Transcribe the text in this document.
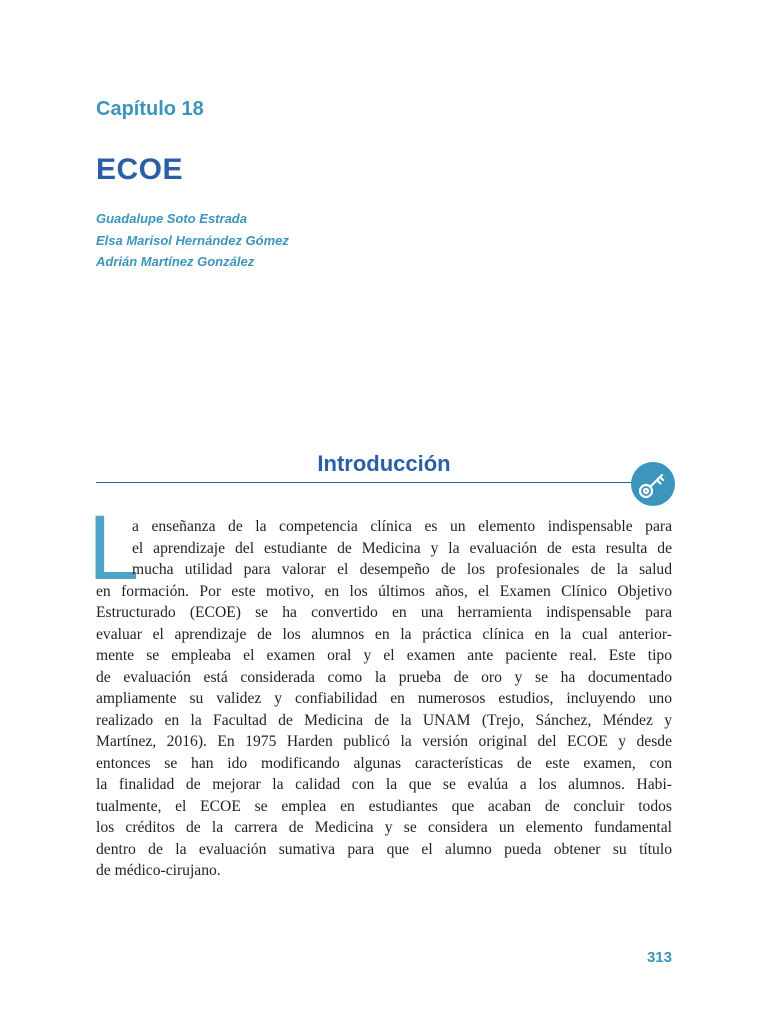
Capítulo 18
ECOE
Guadalupe Soto Estrada
Elsa Marisol Hernández Gómez
Adrián Martínez González
Introducción
L

a enseñanza de la competencia clínica es un elemento indispensable para
el aprendizaje del estudiante de Medicina y la evaluación de esta resulta de
mucha utilidad para valorar el desempeño de los profesionales de la salud
en formación. Por este motivo, en los últimos años, el Examen Clínico Objetivo
Estructurado (ECOE) se ha convertido en una herramienta indispensable para
evaluar el aprendizaje de los alumnos en la práctica clínica en la cual anterior-
mente se empleaba el examen oral y el examen ante paciente real. Este tipo
de evaluación está considerada como la prueba de oro y se ha documentado
ampliamente su validez y confiabilidad en numerosos estudios, incluyendo uno
realizado en la Facultad de Medicina de la UNAM (Trejo, Sánchez, Méndez y
Martínez, 2016). En 1975 Harden publicó la versión original del ECOE y desde
entonces se han ido modificando algunas características de este examen, con
la finalidad de mejorar la calidad con la que se evalúa a los alumnos. Habi-
tualmente, el ECOE se emplea en estudiantes que acaban de concluir todos
los créditos de la carrera de Medicina y se considera un elemento fundamental
dentro de la evaluación sumativa para que el alumno pueda obtener su título
de médico-cirujano.

313
